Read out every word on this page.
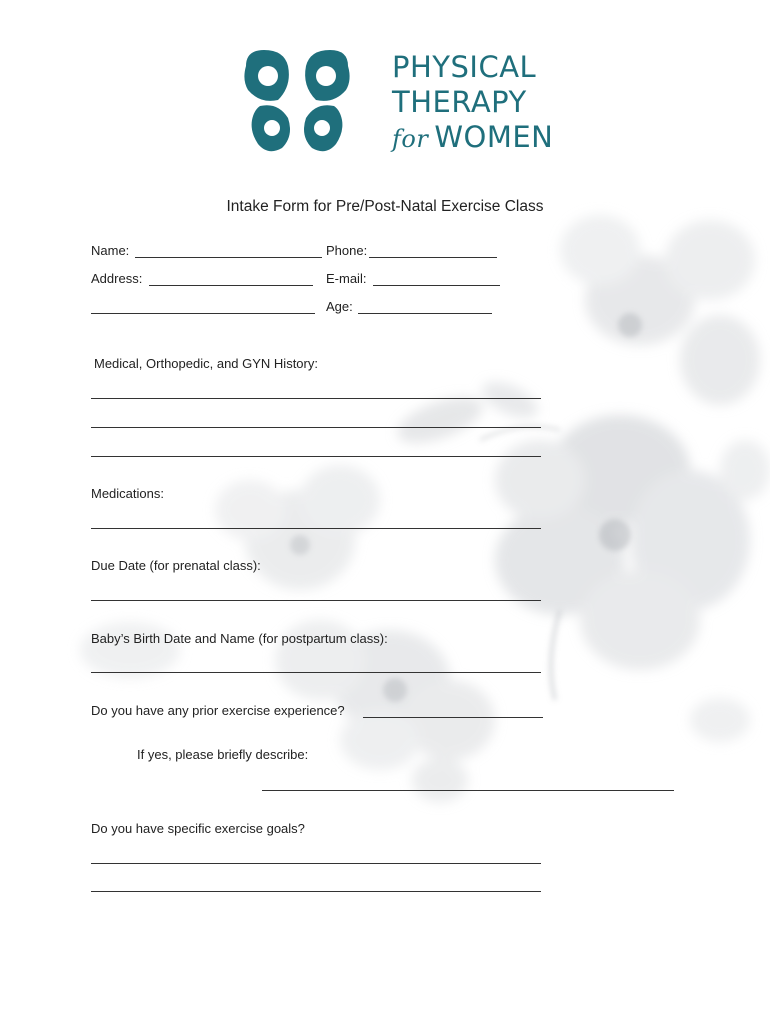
PHYSICAL
THERAPY
for WOMEN
Intake Form for Pre/Post-Natal Exercise Class
Name:	Phone:
Address:	E-mail:
Age:
Medical, Orthopedic, and GYN History:
Medications:
Due Date (for prenatal class):
Baby’s Birth Date and Name (for postpartum class):
Do you have any prior exercise experience?
If yes, please briefly describe:
Do you have specific exercise goals?
